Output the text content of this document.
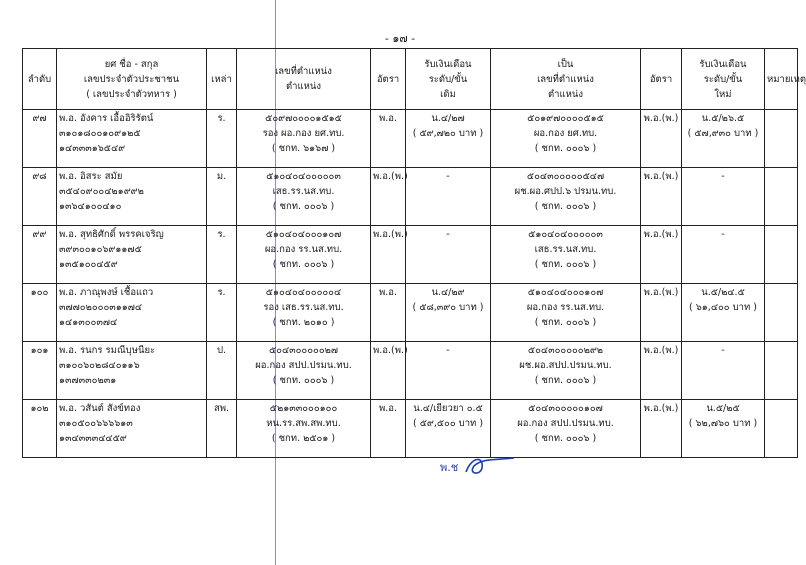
- ๑๗ -
ลำดับ	ยศ ชื่อ - สกุล
เลขประจำตัวประชาชน
( เลขประจำตัวทหาร )	เหล่า	เลขที่ตำแหน่ง
ตำแหน่ง	อัตรา	รับเงินเดือน
ระดับ/ขั้น
เดิม	เป็น
เลขที่ตำแหน่ง
ตำแหน่ง	อัตรา	รับเงินเดือน
ระดับ/ขั้น
ใหม่	หมายเหตุ

๙๗	พ.อ. อังคาร เอื้ออิริรัตน์
๓๑๐๑๘๐๐๑๐๙๑๒๕
๑๔๓๓๓๑๖๕๔๙	ร.	๕๐๙๗๐๐๐๐๑๕๑๕
รอง ผอ.กอง ยศ.ทบ.
( ชกท. ๖๑๖๗ )	พ.อ.	น.๔/๒๗
( ๕๙,๗๒๐ บาท )	๕๐๑๙๗๐๐๐๐๕๑๕
ผอ.กอง ยศ.ทบ.
( ชกท. ๐๐๐๖ )	พ.อ.(พ.)	น.๕/๒๖.๕
( ๕๗,๙๓๐ บาท )	

๙๘	พ.อ. อิสระ สมัย
๓๕๔๐๙๐๐๔๒๑๙๙๒
๑๓๖๔๑๐๐๔๑๐	ม.	๕๑๐๔๐๔๐๐๐๐๐๓
เสธ.รร.นส.ทบ.
( ชกท. ๐๐๐๖ )	พ.อ.(พ.)	-	๕๐๔๓๐๐๐๐๐๕๔๗
ผช.ผอ.ศปป.๖ ปรมน.ทบ.
( ชกท. ๐๐๐๖ )	พ.อ.(พ.)	-	

๙๙	พ.อ. สุทธิศักดิ์ พรรคเจริญ
๓๙๓๐๐๑๐๖๙๑๑๗๕
๑๓๕๑๐๐๔๕๙	ร.	๕๑๐๔๐๔๐๐๐๑๐๗
ผอ.กอง รร.นส.ทบ.
( ชกท. ๐๐๐๖ )	พ.อ.(พ.)	-	๕๑๐๔๐๔๐๐๐๐๐๓
เสธ.รร.นส.ทบ.
( ชกท. ๐๐๐๖ )	พ.อ.(พ.)	-	

๑๐๐	พ.อ. ภาณุพงษ์ เชื้อแถว
๓๗๗๐๒๐๐๐๓๑๑๗๔
๑๔๑๓๐๐๓๗๔	ร.	๕๑๐๔๐๔๐๐๐๐๐๔
รอง เสธ.รร.นส.ทบ.
( ชกท. ๒๐๑๐ )	พ.อ.	น.๔/๒๙
( ๕๘,๓๙๐ บาท )	๕๑๐๔๐๔๐๐๐๑๐๗
ผอ.กอง รร.นส.ทบ.
( ชกท. ๐๐๐๖ )	พ.อ.(พ.)	น.๕/๒๔.๕
( ๖๑,๔๐๐ บาท )	

๑๐๑	พ.อ. รนกร รมณีบุษนียะ
๓๑๐๐๖๐๒๘๔๐๑๑๖
๑๓๗๓๓๐๒๓๑	ป.	๕๐๔๓๐๐๐๐๐๒๗
ผอ.กอง สปป.ปรมน.ทบ.
( ชกท. ๐๐๐๖ )	พ.อ.(พ.)	-	๕๐๔๓๐๐๐๐๐๒๙๒
ผช.ผอ.สปป.ปรมน.ทบ.
( ชกท. ๐๐๐๖ )	พ.อ.(พ.)	-	

๑๐๒	พ.อ. วสันต์ สังข์ทอง
๓๑๐๕๐๐๖๖๖๖๑๓
๑๓๔๓๓๓๔๔๕๙	สพ.	๕๒๑๓๓๐๐๐๑๐๐
หน.รร.สพ.สพ.ทบ.
( ชกท. ๒๕๐๑ )	พ.อ.	น.๔/เยียวยา ๐.๕
( ๕๙,๕๐๐ บาท )	๕๐๔๓๐๐๐๐๐๑๐๗
ผอ.กอง สปป.ปรมน.ทบ.
( ชกท. ๐๐๐๖ )	พ.อ.(พ.)	น.๕/๒๕
( ๖๒,๗๖๐ บาท )	

พ.ช
